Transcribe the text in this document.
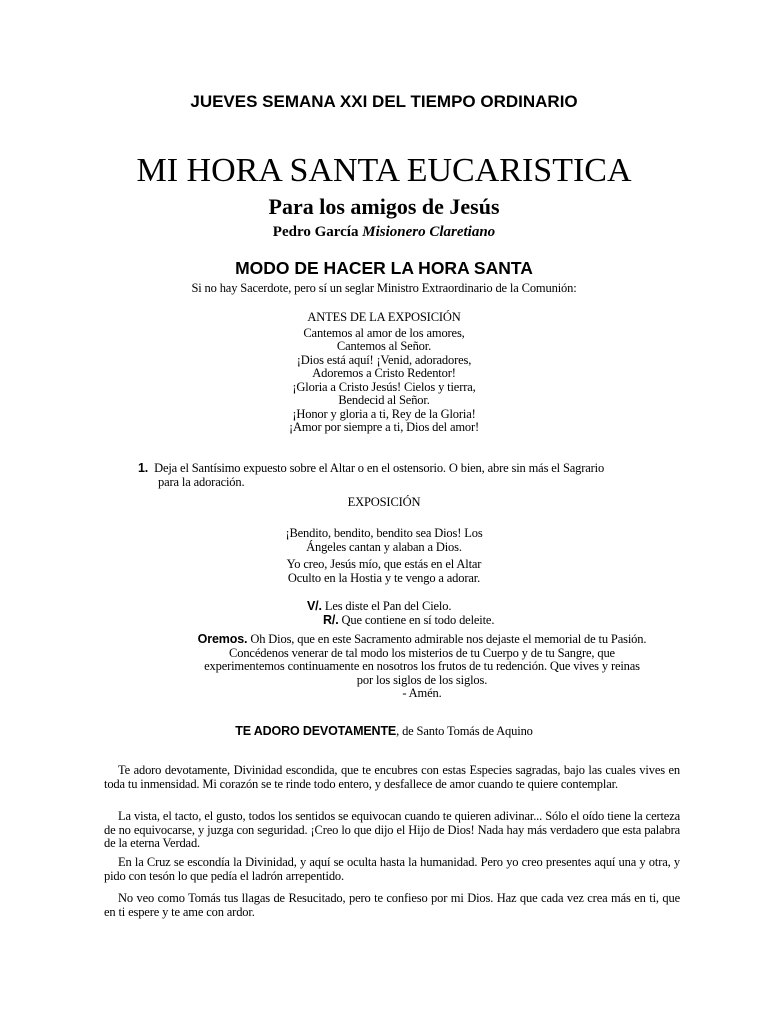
JUEVES SEMANA XXI DEL TIEMPO ORDINARIO
MI HORA SANTA EUCARISTICA
Para los amigos de Jesús
Pedro García Misionero Claretiano
MODO DE HACER LA HORA SANTA
Si no hay Sacerdote, pero sí un seglar Ministro Extraordinario de la Comunión:
ANTES DE LA EXPOSICIÓN
Cantemos al amor de los amores,
Cantemos al Señor.
¡Dios está aquí! ¡Venid, adoradores,
Adoremos a Cristo Redentor!
¡Gloria a Cristo Jesús! Cielos y tierra,
Bendecid al Señor.
¡Honor y gloria a ti, Rey de la Gloria!
¡Amor por siempre a ti, Dios del amor!
1. Deja el Santísimo expuesto sobre el Altar o en el ostensorio. O bien, abre sin más el Sagrario
para la adoración.
EXPOSICIÓN
¡Bendito, bendito, bendito sea Dios! Los
Ángeles cantan y alaban a Dios.
Yo creo, Jesús mío, que estás en el Altar
Oculto en la Hostia y te vengo a adorar.
V/. Les diste el Pan del Cielo.
R/. Que contiene en sí todo deleite.
Oremos. Oh Dios, que en este Sacramento admirable nos dejaste el memorial de tu Pasión.
Concédenos venerar de tal modo los misterios de tu Cuerpo y de tu Sangre, que
experimentemos continuamente en nosotros los frutos de tu redención. Que vives y reinas
por los siglos de los siglos.
- Amén.
TE ADORO DEVOTAMENTE, de Santo Tomás de Aquino
Te adoro devotamente, Divinidad escondida, que te encubres con estas Especies sagradas, bajo las cuales vives en toda tu inmensidad. Mi corazón se te rinde todo entero, y desfallece de amor cuando te quiere contemplar.
La vista, el tacto, el gusto, todos los sentidos se equivocan cuando te quieren adivinar... Sólo el oído tiene la certeza de no equivocarse, y juzga con seguridad. ¡Creo lo que dijo el Hijo de Dios! Nada hay más verdadero que esta palabra de la eterna Verdad.
En la Cruz se escondía la Divinidad, y aquí se oculta hasta la humanidad. Pero yo creo presentes aquí una y otra, y pido con tesón lo que pedía el ladrón arrepentido.
No veo como Tomás tus llagas de Resucitado, pero te confieso por mi Dios. Haz que cada vez crea más en ti, que en ti espere y te ame con ardor.
